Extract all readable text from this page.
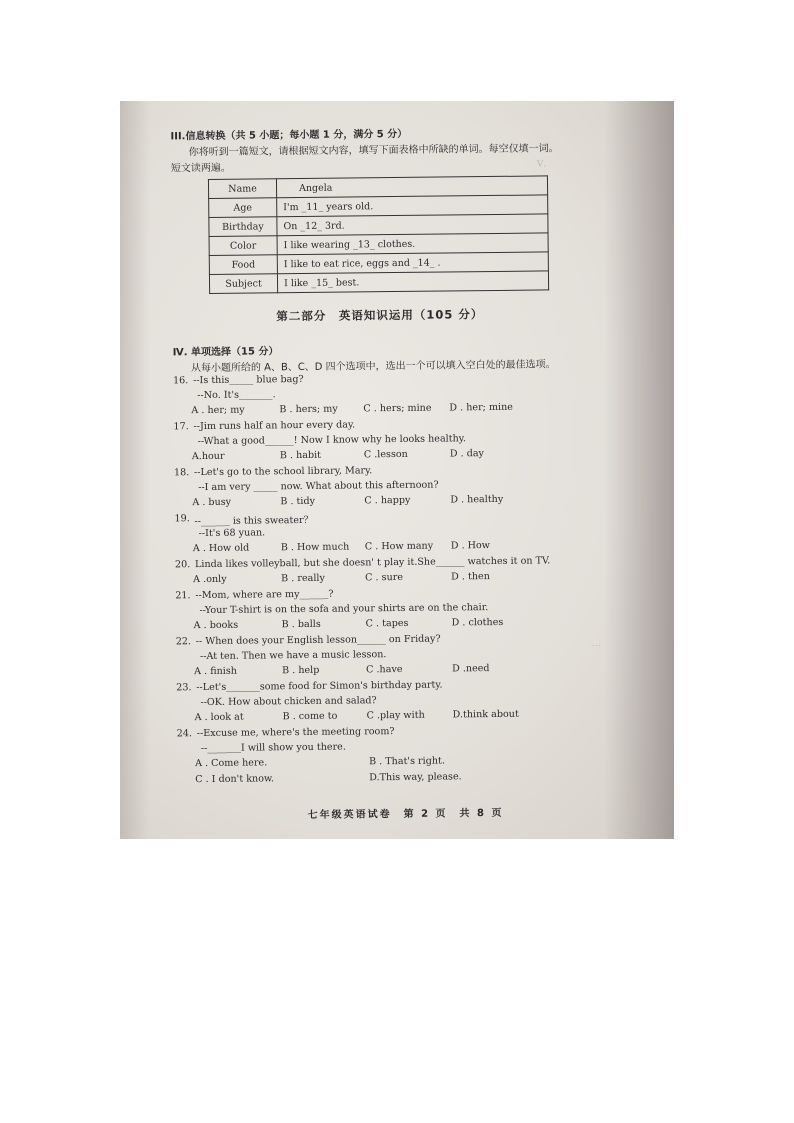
III.信息转换（共 5 小题；每小题 1 分，满分 5 分）
你将听到一篇短文，请根据短文内容，填写下面表格中所缺的单词。每空仅填一词。
短文读两遍。
Name	Angela
Age	I'm _11_ years old.
Birthday	On _12_ 3rd.
Color	I like wearing _13_ clothes.
Food	I like to eat rice, eggs and _14_ .
Subject	I like _15_ best.
第二部分　英语知识运用（105 分）
Ⅳ. 单项选择（15 分）
从每小题所给的 A、B、C、D 四个选项中，选出一个可以填入空白处的最佳选项。
16. --Is this_____ blue bag?
--No. It's_______.
A . her; my	B . hers; my	C . hers; mine D . her; mine
17. --Jim runs half an hour every day.
--What a good______! Now I know why he looks healthy.
A.hour	B . habit	C .lesson	D . day
18. --Let's go to the school library, Mary.
--I am very _____ now. What about this afternoon?
A . busy	B . tidy	C . happy	D . healthy
19. --______ is this sweater？
--It's 68 yuan.
A . How old	B . How much C . How many D . How
20. Linda likes volleyball, but she doesn' t play it.She______ watches it on TV.
A .only	B . really	C . sure	D . then
21. --Mom, where are my______?
--Your T-shirt is on the sofa and your shirts are on the chair.
A . books	B . balls	C . tapes	D . clothes
22. -- When does your English lesson______ on Friday?
--At ten. Then we have a music lesson.
A . finish	B . help	C .have	D .need
23. --Let's_______some food for Simon's birthday party.
--OK. How about chicken and salad?
A . look at	B . come to	C .play with	D.think about
24. --Excuse me, where's the meeting room?
--_______I will show you there.
A . Come here.	B . That's right.
C . I don't know.	D.This way, please.
七年级英语试卷　第 2 页　共 8 页
Ⅴ.
…
